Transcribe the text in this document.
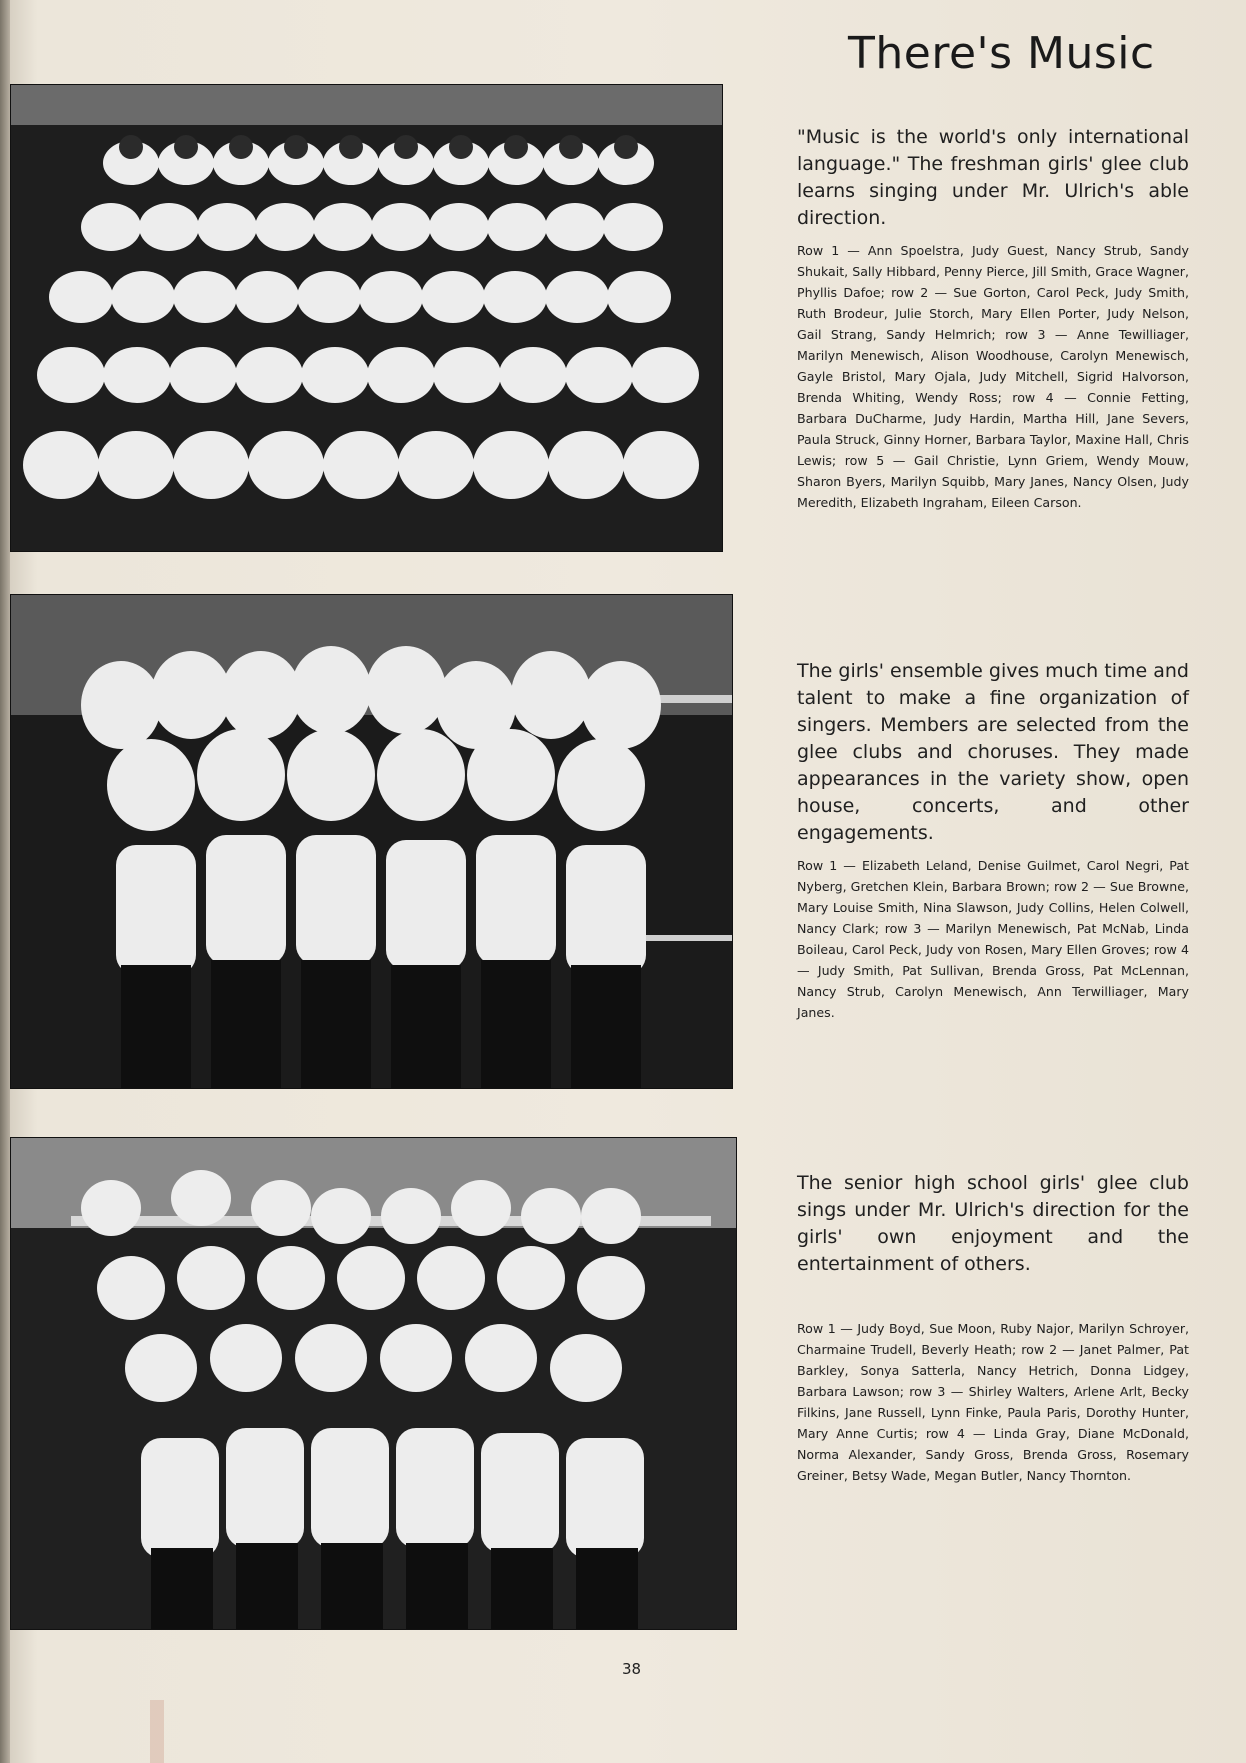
There's Music

"Music is the world's only international language." The freshman girls' glee club learns singing under Mr. Ulrich's able direction.

Row 1 — Ann Spoelstra, Judy Guest, Nancy Strub, Sandy Shukait, Sally Hibbard, Penny Pierce, Jill Smith, Grace Wagner, Phyllis Dafoe; row 2 — Sue Gorton, Carol Peck, Judy Smith, Ruth Brodeur, Julie Storch, Mary Ellen Porter, Judy Nelson, Gail Strang, Sandy Helmrich; row 3 — Anne Tewilliager, Marilyn Menewisch, Alison Woodhouse, Carolyn Menewisch, Gayle Bristol, Mary Ojala, Judy Mitchell, Sigrid Halvorson, Brenda Whiting, Wendy Ross; row 4 — Connie Fetting, Barbara DuCharme, Judy Hardin, Martha Hill, Jane Severs, Paula Struck, Ginny Horner, Barbara Taylor, Maxine Hall, Chris Lewis; row 5 — Gail Christie, Lynn Griem, Wendy Mouw, Sharon Byers, Marilyn Squibb, Mary Janes, Nancy Olsen, Judy Meredith, Elizabeth Ingraham, Eileen Carson.

The girls' ensemble gives much time and talent to make a fine organization of singers. Members are selected from the glee clubs and choruses. They made appearances in the variety show, open house, concerts, and other engagements.

Row 1 — Elizabeth Leland, Denise Guilmet, Carol Negri, Pat Nyberg, Gretchen Klein, Barbara Brown; row 2 — Sue Browne, Mary Louise Smith, Nina Slawson, Judy Collins, Helen Colwell, Nancy Clark; row 3 — Marilyn Menewisch, Pat McNab, Linda Boileau, Carol Peck, Judy von Rosen, Mary Ellen Groves; row 4 — Judy Smith, Pat Sullivan, Brenda Gross, Pat McLennan, Nancy Strub, Carolyn Menewisch, Ann Terwilliager, Mary Janes.

The senior high school girls' glee club sings under Mr. Ulrich's direction for the girls' own enjoyment and the entertainment of others.

Row 1 — Judy Boyd, Sue Moon, Ruby Najor, Marilyn Schroyer, Charmaine Trudell, Beverly Heath; row 2 — Janet Palmer, Pat Barkley, Sonya Satterla, Nancy Hetrich, Donna Lidgey, Barbara Lawson; row 3 — Shirley Walters, Arlene Arlt, Becky Filkins, Jane Russell, Lynn Finke, Paula Paris, Dorothy Hunter, Mary Anne Curtis; row 4 — Linda Gray, Diane McDonald, Norma Alexander, Sandy Gross, Brenda Gross, Rosemary Greiner, Betsy Wade, Megan Butler, Nancy Thornton.

38
